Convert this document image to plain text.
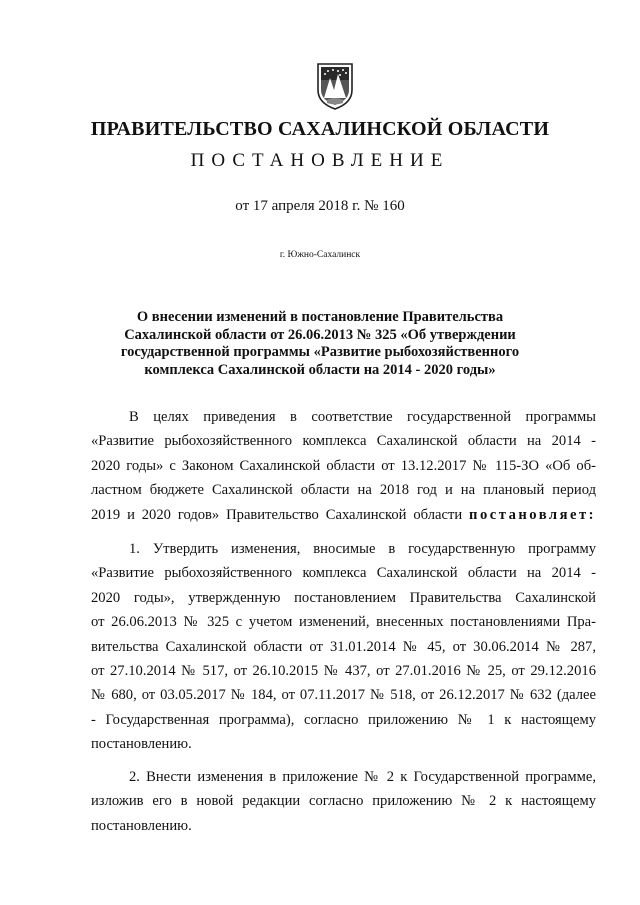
ПРАВИТЕЛЬСТВО САХАЛИНСКОЙ ОБЛАСТИ
ПОСТАНОВЛЕНИЕ
от 17 апреля 2018 г. № 160
г. Южно-Сахалинск
О внесении изменений в постановление Правительства
Сахалинской области от 26.06.2013 № 325 «Об утверждении
государственной программы «Развитие рыбохозяйственного
комплекса Сахалинской области на 2014 - 2020 годы»
В целях приведения в соответствие государственной программы
«Развитие рыбохозяйственного комплекса Сахалинской области на 2014 -
2020 годы» с Законом Сахалинской области от 13.12.2017 № 115-ЗО «Об об-
ластном бюджете Сахалинской области на 2018 год и на плановый период
2019 и 2020 годов» Правительство Сахалинской области постановляет:
1. Утвердить изменения, вносимые в государственную программу
«Развитие рыбохозяйственного комплекса Сахалинской области на 2014 -
2020 годы», утвержденную постановлением Правительства Сахалинской
от 26.06.2013 № 325 с учетом изменений, внесенных постановлениями Пра-
вительства Сахалинской области от 31.01.2014 № 45, от 30.06.2014 № 287,
от 27.10.2014 № 517, от 26.10.2015 № 437, от 27.01.2016 № 25, от 29.12.2016
№ 680, от 03.05.2017 № 184, от 07.11.2017 № 518, от 26.12.2017 № 632 (далее
- Государственная программа), согласно приложению № 1 к настоящему
постановлению.
2. Внести изменения в приложение № 2 к Государственной программе,
изложив его в новой редакции согласно приложению № 2 к настоящему
постановлению.
